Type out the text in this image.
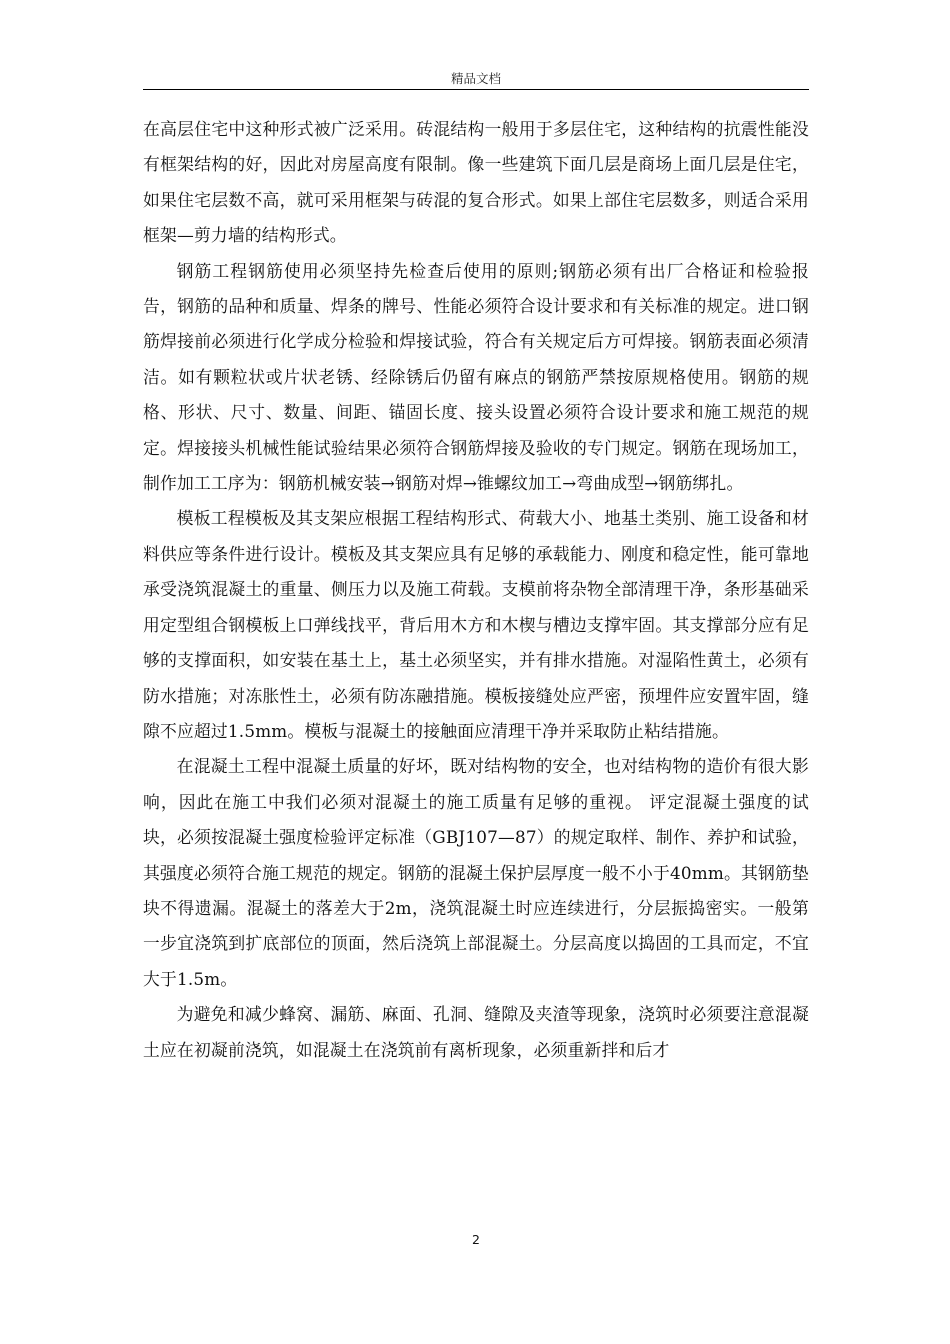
精品文档

在高层住宅中这种形式被广泛采用。砖混结构一般用于多层住宅，这种结构的抗震性能没有框架结构的好，因此对房屋高度有限制。像一些建筑下面几层是商场上面几层是住宅，如果住宅层数不高，就可采用框架与砖混的复合形式。如果上部住宅层数多，则适合采用框架—剪力墙的结构形式。

钢筋工程钢筋使用必须坚持先检查后使用的原则;钢筋必须有出厂合格证和检验报告，钢筋的品种和质量、焊条的牌号、性能必须符合设计要求和有关标准的规定。进口钢筋焊接前必须进行化学成分检验和焊接试验，符合有关规定后方可焊接。钢筋表面必须清洁。如有颗粒状或片状老锈、经除锈后仍留有麻点的钢筋严禁按原规格使用。钢筋的规格、形状、尺寸、数量、间距、锚固长度、接头设置必须符合设计要求和施工规范的规定。焊接接头机械性能试验结果必须符合钢筋焊接及验收的专门规定。钢筋在现场加工，制作加工工序为：钢筋机械安装→钢筋对焊→锥螺纹加工→弯曲成型→钢筋绑扎。

模板工程模板及其支架应根据工程结构形式、荷载大小、地基土类别、施工设备和材料供应等条件进行设计。模板及其支架应具有足够的承载能力、刚度和稳定性，能可靠地承受浇筑混凝土的重量、侧压力以及施工荷载。支模前将杂物全部清理干净，条形基础采用定型组合钢模板上口弹线找平，背后用木方和木楔与槽边支撑牢固。其支撑部分应有足够的支撑面积，如安装在基土上，基土必须坚实，并有排水措施。对湿陷性黄土，必须有防水措施；对冻胀性土，必须有防冻融措施。模板接缝处应严密，预埋件应安置牢固，缝隙不应超过1.5mm。模板与混凝土的接触面应清理干净并采取防止粘结措施。

在混凝土工程中混凝土质量的好坏，既对结构物的安全，也对结构物的造价有很大影响，因此在施工中我们必须对混凝土的施工质量有足够的重视。 评定混凝土强度的试块，必须按混凝土强度检验评定标准（GBJ107—87）的规定取样、制作、养护和试验，其强度必须符合施工规范的规定。钢筋的混凝土保护层厚度一般不小于40mm。其钢筋垫块不得遗漏。混凝土的落差大于2m，浇筑混凝土时应连续进行，分层振捣密实。一般第一步宜浇筑到扩底部位的顶面，然后浇筑上部混凝土。分层高度以捣固的工具而定，不宜大于1.5m。

为避免和减少蜂窝、漏筋、麻面、孔洞、缝隙及夹渣等现象，浇筑时必须要注意混凝土应在初凝前浇筑，如混凝土在浇筑前有离析现象，必须重新拌和后才

2
